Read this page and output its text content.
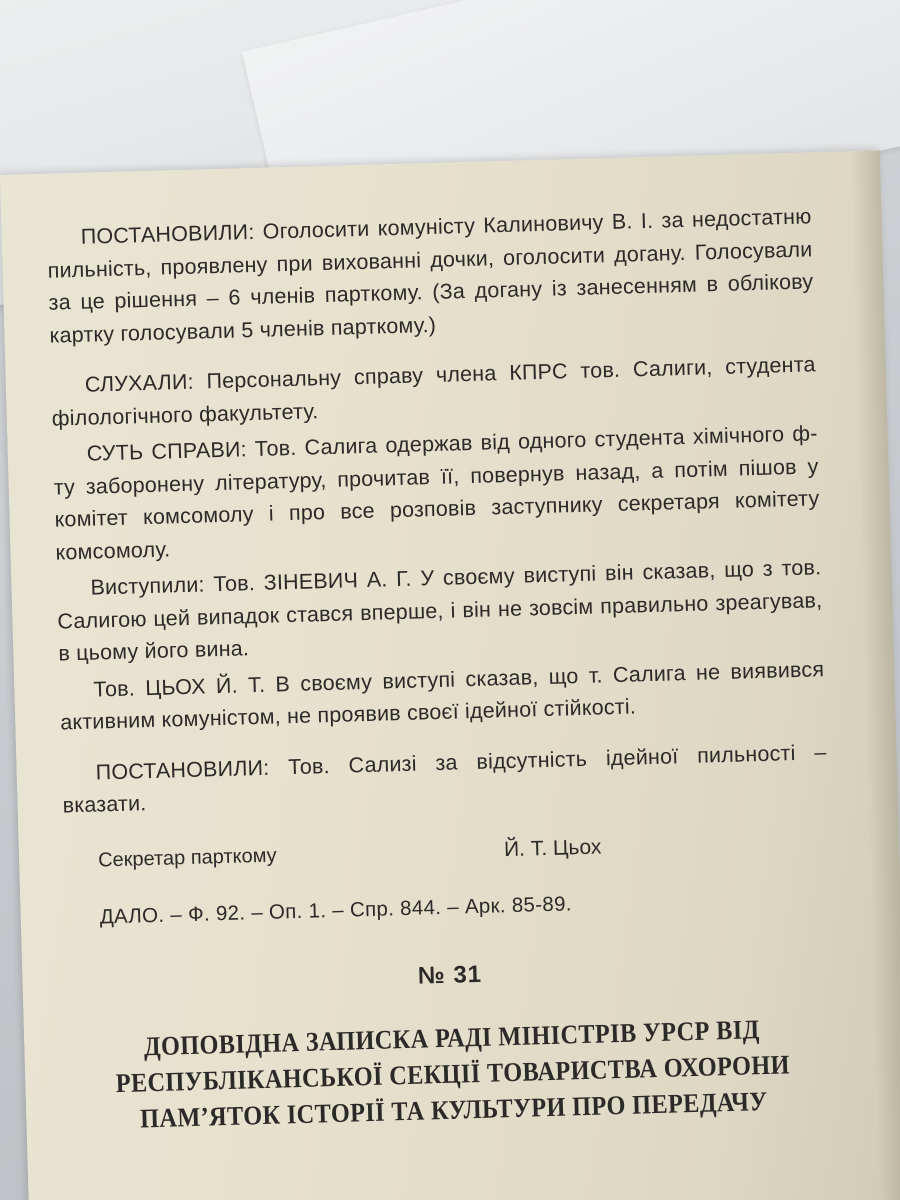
ПОСТАНОВИЛИ: Оголосити комуністу Калиновичу В. І. за недостатню пильність, проявлену при вихованні дочки, оголосити догану. Голосували за це рішення – 6 членів парткому. (За догану із занесенням в облікову картку голосували 5 членів парткому.)

СЛУХАЛИ: Персональну справу члена КПРС тов. Салиги, студента філологічного факультету.

СУТЬ СПРАВИ: Тов. Салига одержав від одного студента хімічного ф-ту заборонену літературу, прочитав її, повернув назад, а потім пішов у комітет комсомолу і про все розповів заступнику секретаря комітету комсомолу.

Виступили: Тов. ЗІНЕВИЧ А. Г. У своєму виступі він сказав, що з тов. Салигою цей випадок стався вперше, і він не зовсім правильно зреагував, в цьому його вина.

Тов. ЦЬОХ Й. Т. В своєму виступі сказав, що т. Салига не виявився активним комуністом, не проявив своєї ідейної стійкості.

ПОСТАНОВИЛИ: Тов. Сализі за відсутність ідейної пильності – вказати.

Секретар парткому	Й. Т. Цьох
ДАЛО. – Ф. 92. – Оп. 1. – Спр. 844. – Арк. 85-89.
№ 31
ДОПОВІДНА ЗАПИСКА РАДІ МІНІСТРІВ УРСР ВІД РЕСПУБЛІКАНСЬКОЇ СЕКЦІЇ ТОВАРИСТВА ОХОРОНИ ПАМ’ЯТОК ІСТОРІЇ ТА КУЛЬТУРИ ПРО ПЕРЕДАЧУ
